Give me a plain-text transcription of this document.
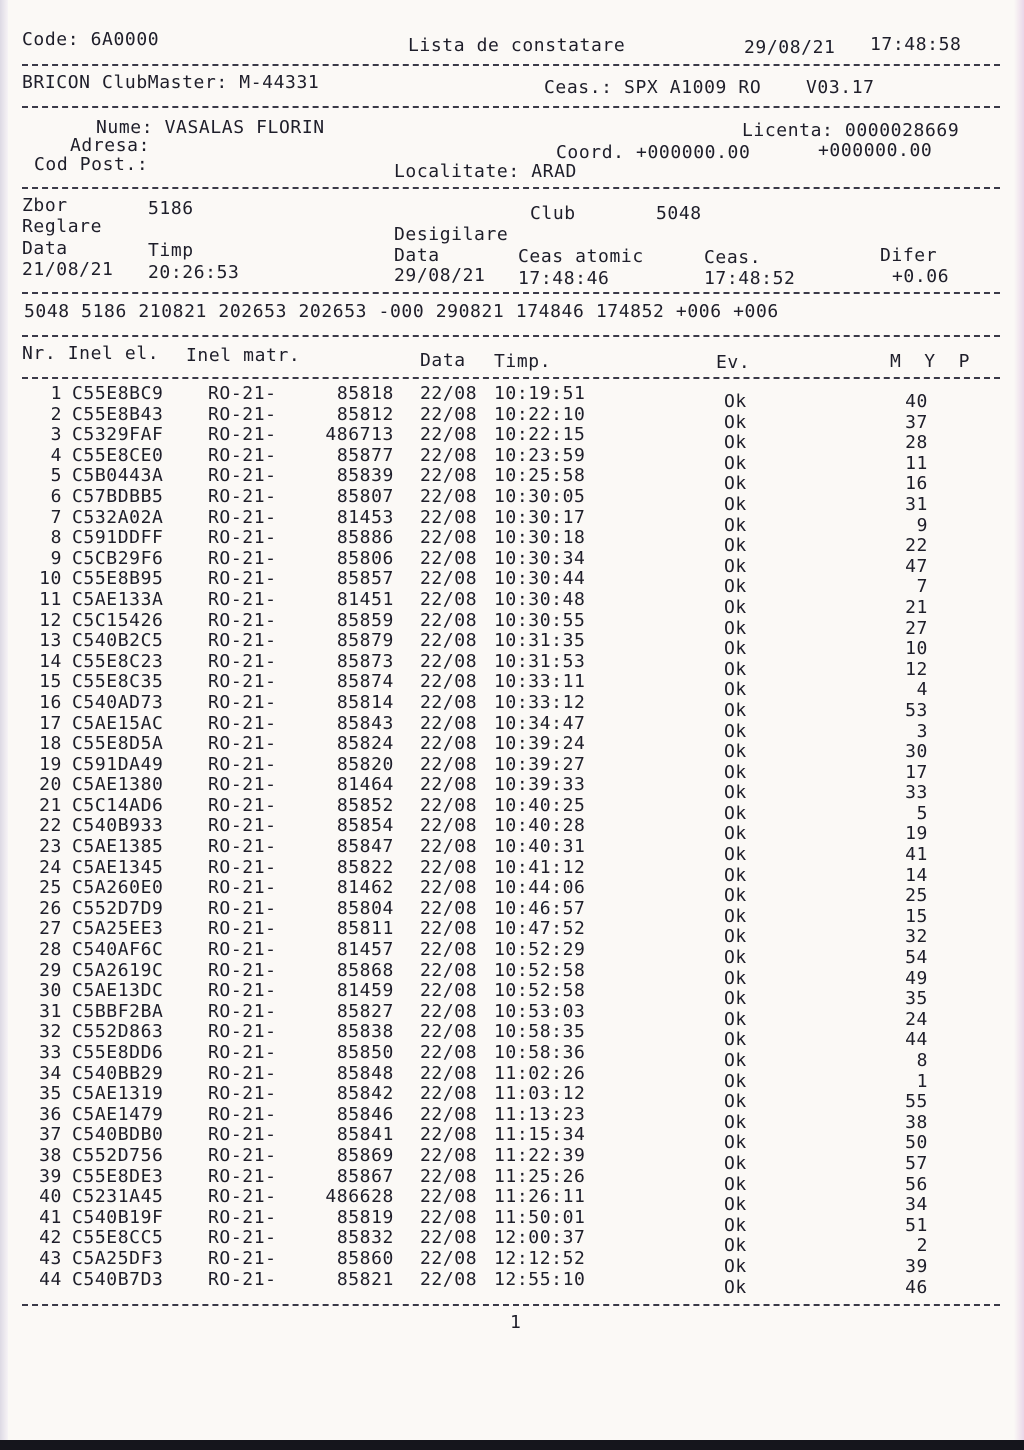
Code: 6A0000	Lista de constatare	29/08/21 17:48:58
BRICON ClubMaster: M-44331	Ceas.: SPX A1009 RO V03.17
Nume: VASALAS FLORIN	Licenta: 0000028669
Adresa:	Coord. +000000.00	+000000.00
Cod Post.:	Localitate: ARAD
Zbor	5186	Club	5048
Reglare	Desigilare
Data	Timp	Data	Ceas atomic	Ceas.	Difer
21/08/21 20:26:53	29/08/21 17:48:46	17:48:52	+0.06
5048 5186 210821 202653 202653 -000 290821 174846 174852 +006 +006
Nr. Inel el. Inel matr.	Data Timp.	Ev.	M  Y  P
1 C55E8BC9 RO-21-	85818 22/08 10:19:51	Ok	40
2 C55E8B43 RO-21-	85812 22/08 10:22:10	Ok	37
3 C5329FAF RO-21-	486713 22/08 10:22:15	Ok	28
4 C55E8CE0 RO-21-	85877 22/08 10:23:59	Ok	11
5 C5B0443A RO-21-	85839 22/08 10:25:58	Ok	16
6 C57BDBB5 RO-21-	85807 22/08 10:30:05	Ok	31
7 C532A02A RO-21-	81453 22/08 10:30:17	Ok	9
8 C591DDFF RO-21-	85886 22/08 10:30:18	Ok	22
9 C5CB29F6 RO-21-	85806 22/08 10:30:34	Ok	47
10 C55E8B95 RO-21-	85857 22/08 10:30:44	Ok	7
11 C5AE133A RO-21-	81451 22/08 10:30:48	Ok	21
12 C5C15426 RO-21-	85859 22/08 10:30:55	Ok	27
13 C540B2C5 RO-21-	85879 22/08 10:31:35	Ok	10
14 C55E8C23 RO-21-	85873 22/08 10:31:53	Ok	12
15 C55E8C35 RO-21-	85874 22/08 10:33:11	Ok	4
16 C540AD73 RO-21-	85814 22/08 10:33:12	Ok	53
17 C5AE15AC RO-21-	85843 22/08 10:34:47	Ok	3
18 C55E8D5A RO-21-	85824 22/08 10:39:24	Ok	30
19 C591DA49 RO-21-	85820 22/08 10:39:27	Ok	17
20 C5AE1380 RO-21-	81464 22/08 10:39:33	Ok	33
21 C5C14AD6 RO-21-	85852 22/08 10:40:25	Ok	5
22 C540B933 RO-21-	85854 22/08 10:40:28	Ok	19
23 C5AE1385 RO-21-	85847 22/08 10:40:31	Ok	41
24 C5AE1345 RO-21-	85822 22/08 10:41:12	Ok	14
25 C5A260E0 RO-21-	81462 22/08 10:44:06	Ok	25
26 C552D7D9 RO-21-	85804 22/08 10:46:57	Ok	15
27 C5A25EE3 RO-21-	85811 22/08 10:47:52	Ok	32
28 C540AF6C RO-21-	81457 22/08 10:52:29	Ok	54
29 C5A2619C RO-21-	85868 22/08 10:52:58	Ok	49
30 C5AE13DC RO-21-	81459 22/08 10:52:58	Ok	35
31 C5BBF2BA RO-21-	85827 22/08 10:53:03	Ok	24
32 C552D863 RO-21-	85838 22/08 10:58:35	Ok	44
33 C55E8DD6 RO-21-	85850 22/08 10:58:36	Ok	8
34 C540BB29 RO-21-	85848 22/08 11:02:26	Ok	1
35 C5AE1319 RO-21-	85842 22/08 11:03:12	Ok	55
36 C5AE1479 RO-21-	85846 22/08 11:13:23	Ok	38
37 C540BDB0 RO-21-	85841 22/08 11:15:34	Ok	50
38 C552D756 RO-21-	85869 22/08 11:22:39	Ok	57
39 C55E8DE3 RO-21-	85867 22/08 11:25:26	Ok	56
40 C5231A45 RO-21-	486628 22/08 11:26:11	Ok	34
41 C540B19F RO-21-	85819 22/08 11:50:01	Ok	51
42 C55E8CC5 RO-21-	85832 22/08 12:00:37	Ok	2
43 C5A25DF3 RO-21-	85860 22/08 12:12:52	Ok	39
44 C540B7D3 RO-21-	85821 22/08 12:55:10	Ok	46
1
